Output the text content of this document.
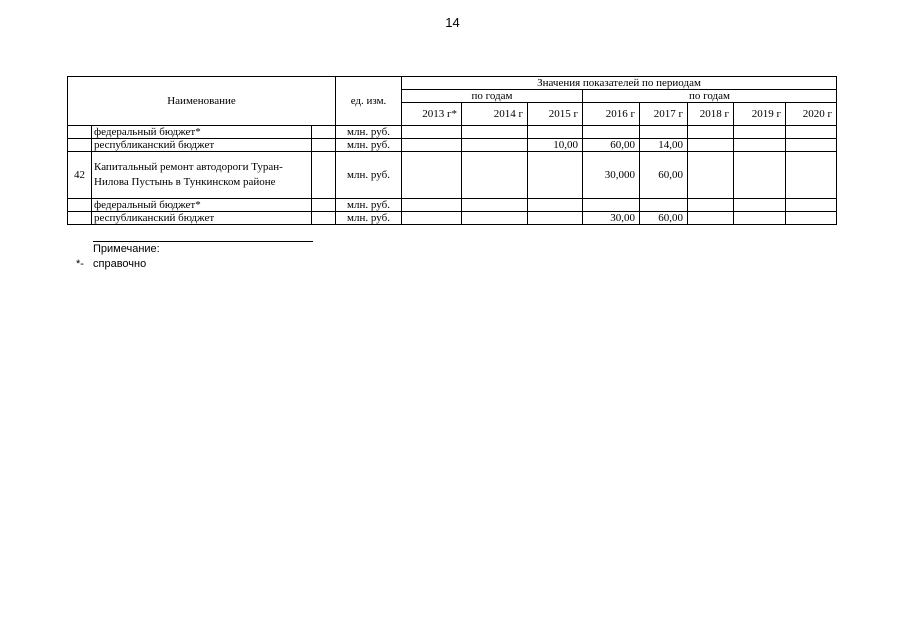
14
Наименование			ед. изм.	Значения показателей по периодам							
				по годам			по годам				
				2013 г*	2014 г	2015 г	2016 г	2017 г	2018 г	2019 г	2020 г
	федеральный бюджет*		млн. руб.								
	республиканский бюджет		млн. руб.			10,00	60,00	14,00			
42	Капитальный ремонт автодороги Туран-Нилова Пустынь в Тункинском районе		млн. руб.				30,000	60,00			
	федеральный бюджет*		млн. руб.								
	республиканский бюджет		млн. руб.				30,00	60,00			
Примечание:
*- справочно
